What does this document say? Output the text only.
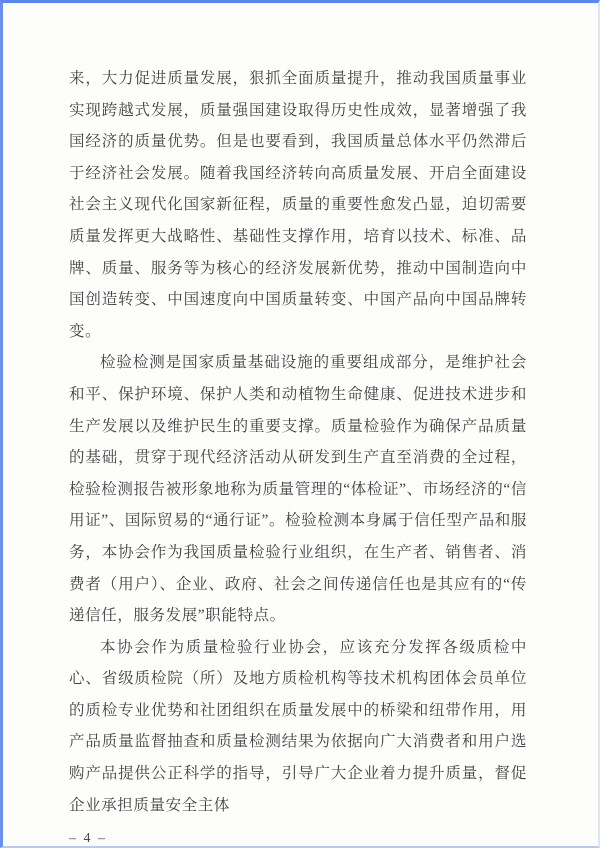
来，大力促进质量发展，狠抓全面质量提升，推动我国质量事业实现跨越式发展，质量强国建设取得历史性成效，显著增强了我国经济的质量优势。但是也要看到，我国质量总体水平仍然滞后于经济社会发展。随着我国经济转向高质量发展、开启全面建设社会主义现代化国家新征程，质量的重要性愈发凸显，迫切需要质量发挥更大战略性、基础性支撑作用，培育以技术、标准、品牌、质量、服务等为核心的经济发展新优势，推动中国制造向中国创造转变、中国速度向中国质量转变、中国产品向中国品牌转变。

检验检测是国家质量基础设施的重要组成部分，是维护社会和平、保护环境、保护人类和动植物生命健康、促进技术进步和生产发展以及维护民生的重要支撑。质量检验作为确保产品质量的基础，贯穿于现代经济活动从研发到生产直至消费的全过程，检验检测报告被形象地称为质量管理的“体检证”、市场经济的“信用证”、国际贸易的“通行证”。检验检测本身属于信任型产品和服务，本协会作为我国质量检验行业组织，在生产者、销售者、消费者（用户）、企业、政府、社会之间传递信任也是其应有的“传递信任，服务发展”职能特点。

本协会作为质量检验行业协会，应该充分发挥各级质检中心、省级质检院（所）及地方质检机构等技术机构团体会员单位的质检专业优势和社团组织在质量发展中的桥梁和纽带作用，用产品质量监督抽查和质量检测结果为依据向广大消费者和用户选购产品提供公正科学的指导，引导广大企业着力提升质量，督促企业承担质量安全主体

– 4 –
